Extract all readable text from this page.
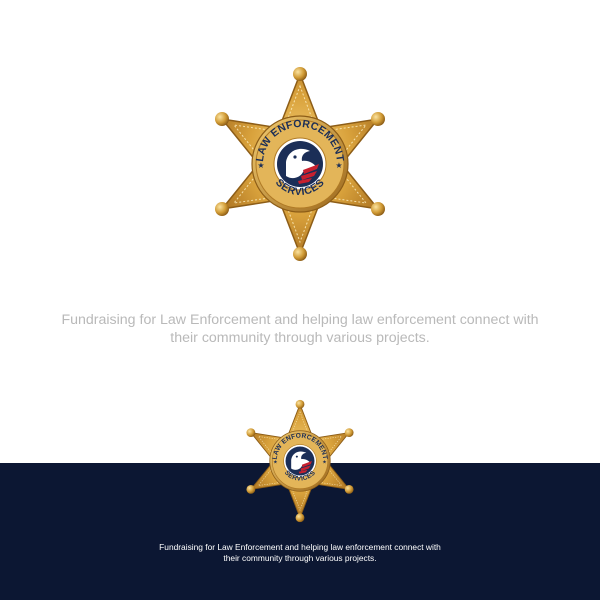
LAW ENFORCEMENT
SERVICES
Fundraising for Law Enforcement and helping law enforcement connect with
their community through various projects.
LAW ENFORCEMENT
SERVICES
Fundraising for Law Enforcement and helping law enforcement connect with
their community through various projects.
